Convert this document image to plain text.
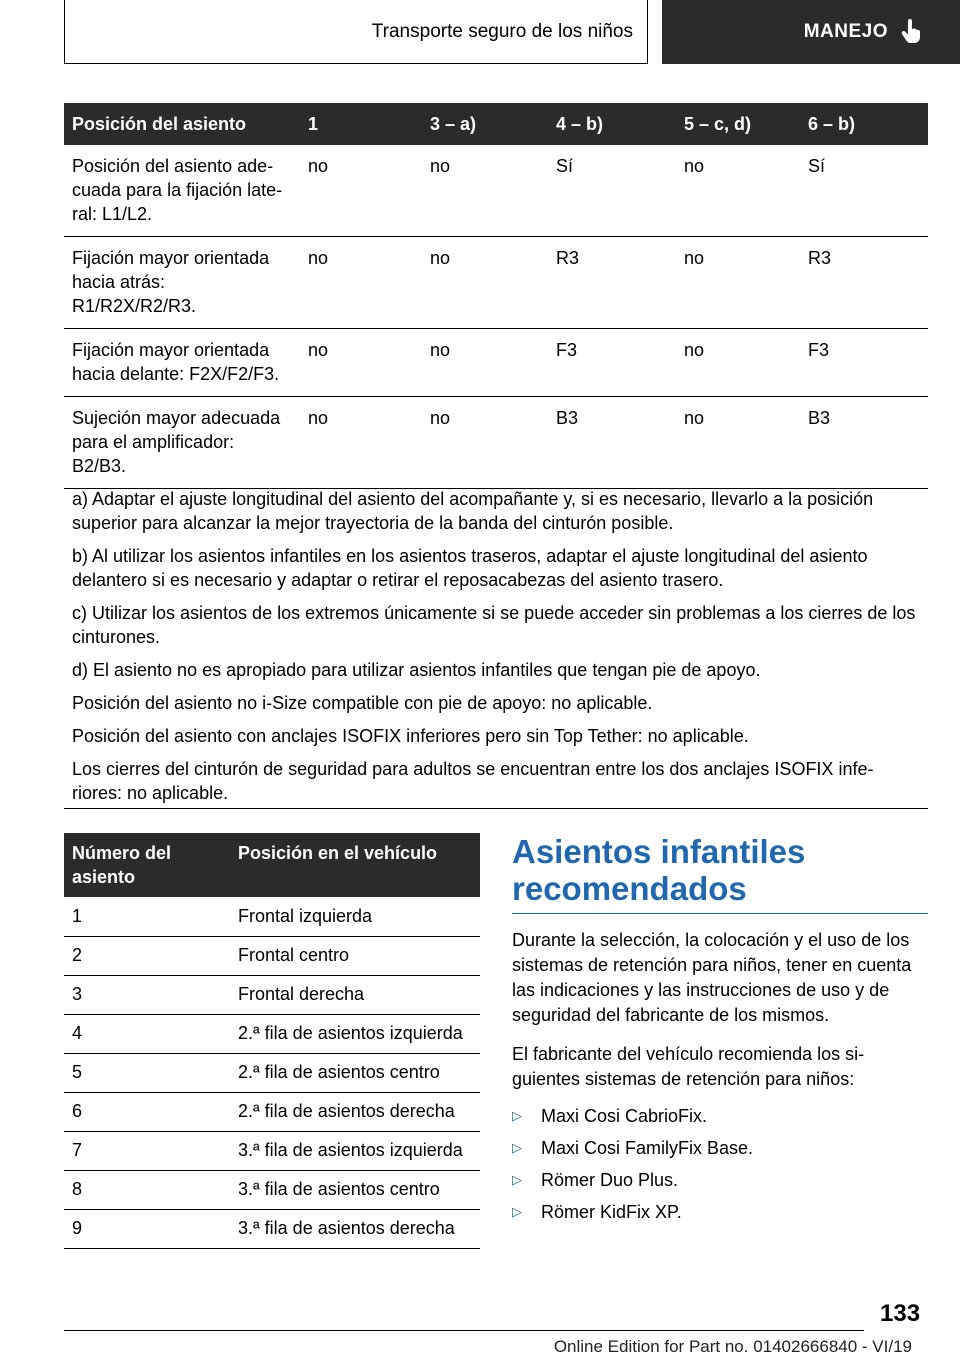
Transporte seguro de los niños	MANEJO
Posición del asiento	1	3 – a)	4 – b)	5 – c, d)	6 – b)
Posición del asiento ade-cuada para la fijación late-ral: L1/L2.	no	no	Sí	no	Sí
Fijación mayor orientada hacia atrás: R1/R2X/R2/R3.	no	no	R3	no	R3
Fijación mayor orientada hacia delante: F2X/F2/F3.	no	no	F3	no	F3
Sujeción mayor adecuada para el amplificador: B2/B3.	no	no	B3	no	B3

a) Adaptar el ajuste longitudinal del asiento del acompañante y, si es necesario, llevarlo a la posición superior para alcanzar la mejor trayectoria de la banda del cinturón posible.

b) Al utilizar los asientos infantiles en los asientos traseros, adaptar el ajuste longitudinal del asiento delantero si es necesario y adaptar o retirar el reposacabezas del asiento trasero.

c) Utilizar los asientos de los extremos únicamente si se puede acceder sin problemas a los cierres de los cinturones.

d) El asiento no es apropiado para utilizar asientos infantiles que tengan pie de apoyo.

Posición del asiento no i-Size compatible con pie de apoyo: no aplicable.

Posición del asiento con anclajes ISOFIX inferiores pero sin Top Tether: no aplicable.

Los cierres del cinturón de seguridad para adultos se encuentran entre los dos anclajes ISOFIX infe-riores: no aplicable.

Número del asiento	Posición en el vehículo
1	Frontal izquierda
2	Frontal centro
3	Frontal derecha
4	2.ª fila de asientos izquierda
5	2.ª fila de asientos centro
6	2.ª fila de asientos derecha
7	3.ª fila de asientos izquierda
8	3.ª fila de asientos centro
9	3.ª fila de asientos derecha
Asientos infantiles recomendados

Durante la selección, la colocación y el uso de los sistemas de retención para niños, tener en cuenta las indicaciones y las instrucciones de uso y de seguridad del fabricante de los mismos.

El fabricante del vehículo recomienda los si-guientes sistemas de retención para niños:

▷	Maxi Cosi CabrioFix.
▷	Maxi Cosi FamilyFix Base.
▷	Römer Duo Plus.
▷	Römer KidFix XP.
133
Online Edition for Part no. 01402666840 - VI/19
